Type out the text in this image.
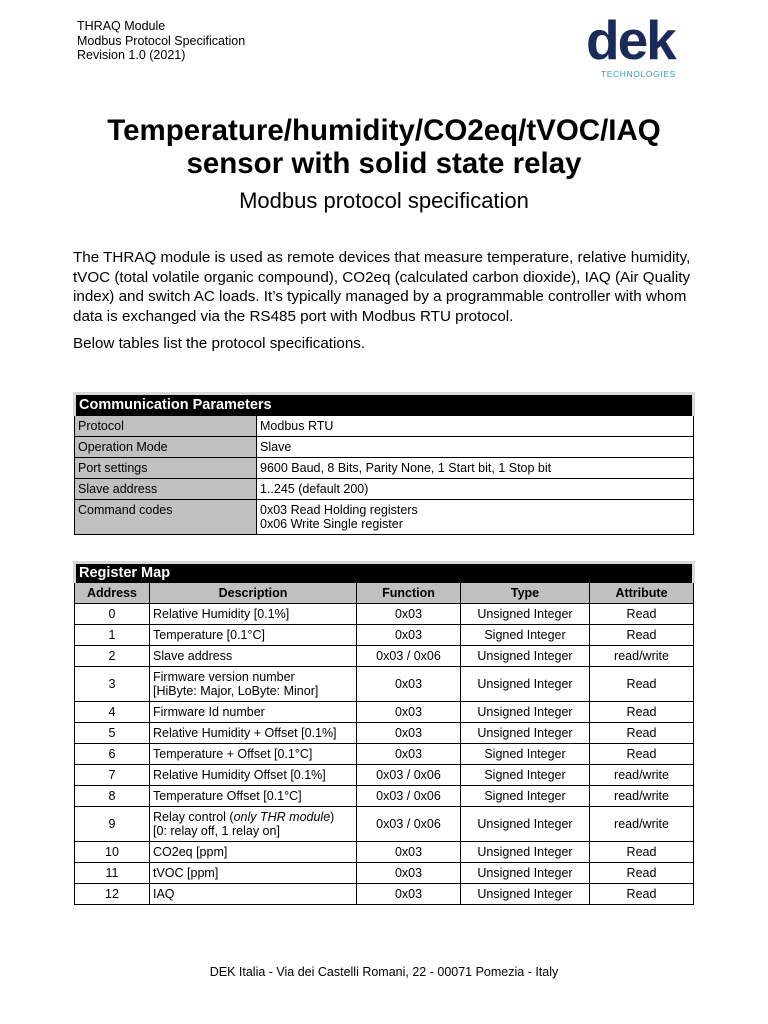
THRAQ Module
Modbus Protocol Specification
Revision 1.0 (2021)	dek
TECHNOLOGIES
Temperature/humidity/CO2eq/tVOC/IAQ
sensor with solid state relay
Modbus protocol specification

The THRAQ module is used as remote devices that measure temperature, relative humidity, tVOC (total volatile organic compound), CO2eq (calculated carbon dioxide), IAQ (Air Quality index) and switch AC loads. It’s typically managed by a programmable controller with whom data is exchanged via the RS485 port with Modbus RTU protocol.

Below tables list the protocol specifications.

Communication Parameters	
Protocol	Modbus RTU
Operation Mode	Slave
Port settings	9600 Baud, 8 Bits, Parity None, 1 Start bit, 1 Stop bit
Slave address	1..245 (default 200)
Command codes	0x03 Read Holding registers
0x06 Write Single register
Register Map				
Address	Description	Function	Type	Attribute
0	Relative Humidity [0.1%]	0x03	Unsigned Integer	Read
1	Temperature [0.1°C]	0x03	Signed Integer	Read
2	Slave address	0x03 / 0x06	Unsigned Integer	read/write
3	Firmware version number
[HiByte: Major, LoByte: Minor]	0x03	Unsigned Integer	Read
4	Firmware Id number	0x03	Unsigned Integer	Read
5	Relative Humidity + Offset [0.1%]	0x03	Unsigned Integer	Read
6	Temperature + Offset [0.1°C]	0x03	Signed Integer	Read
7	Relative Humidity Offset [0.1%]	0x03 / 0x06	Signed Integer	read/write
8	Temperature Offset [0.1°C]	0x03 / 0x06	Signed Integer	read/write
9	Relay control (only THR module)
[0: relay off, 1 relay on]	0x03 / 0x06	Unsigned Integer	read/write
10	CO2eq [ppm]	0x03	Unsigned Integer	Read
11	tVOC [ppm]	0x03	Unsigned Integer	Read
12	IAQ	0x03	Unsigned Integer	Read
DEK Italia - Via dei Castelli Romani, 22 - 00071 Pomezia - Italy
